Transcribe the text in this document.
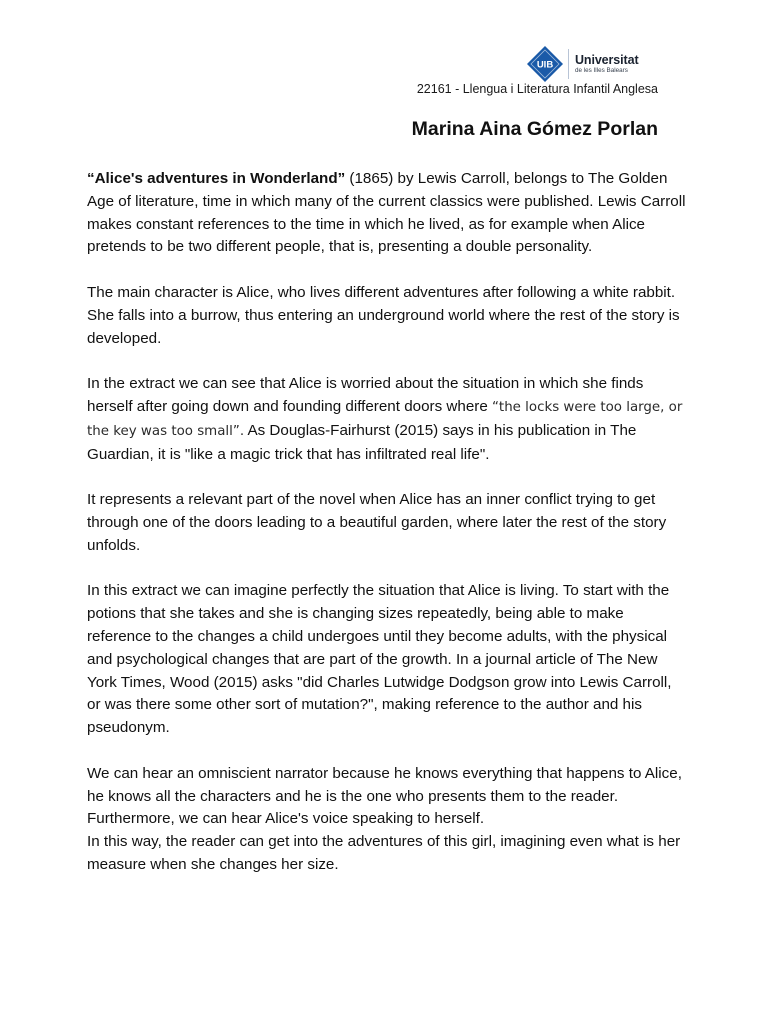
UIB Universitat
de les Illes Balears
22161 - Llengua i Literatura Infantil Anglesa
Marina Aina Gómez Porlan

“Alice's adventures in Wonderland” (1865) by Lewis Carroll, belongs to The Golden Age of literature, time in which many of the current classics were published. Lewis Carroll makes constant references to the time in which he lived, as for example when Alice pretends to be two different people, that is, presenting a double personality.

The main character is Alice, who lives different adventures after following a white rabbit. She falls into a burrow, thus entering an underground world where the rest of the story is developed.

In the extract we can see that Alice is worried about the situation in which she finds herself after going down and founding different doors where “the locks were too large, or the key was too small”. As Douglas-Fairhurst (2015) says in his publication in The Guardian, it is "like a magic trick that has infiltrated real life".

It represents a relevant part of the novel when Alice has an inner conflict trying to get through one of the doors leading to a beautiful garden, where later the rest of the story unfolds.

In this extract we can imagine perfectly the situation that Alice is living. To start with the potions that she takes and she is changing sizes repeatedly, being able to make reference to the changes a child undergoes until they become adults, with the physical and psychological changes that are part of the growth. In a journal article of The New York Times, Wood (2015) asks "did Charles Lutwidge Dodgson grow into Lewis Carroll, or was there some other sort of mutation?", making reference to the author and his pseudonym.

We can hear an omniscient narrator because he knows everything that happens to Alice, he knows all the characters and he is the one who presents them to the reader. Furthermore, we can hear Alice's voice speaking to herself.

In this way, the reader can get into the adventures of this girl, imagining even what is her measure when she changes her size.
